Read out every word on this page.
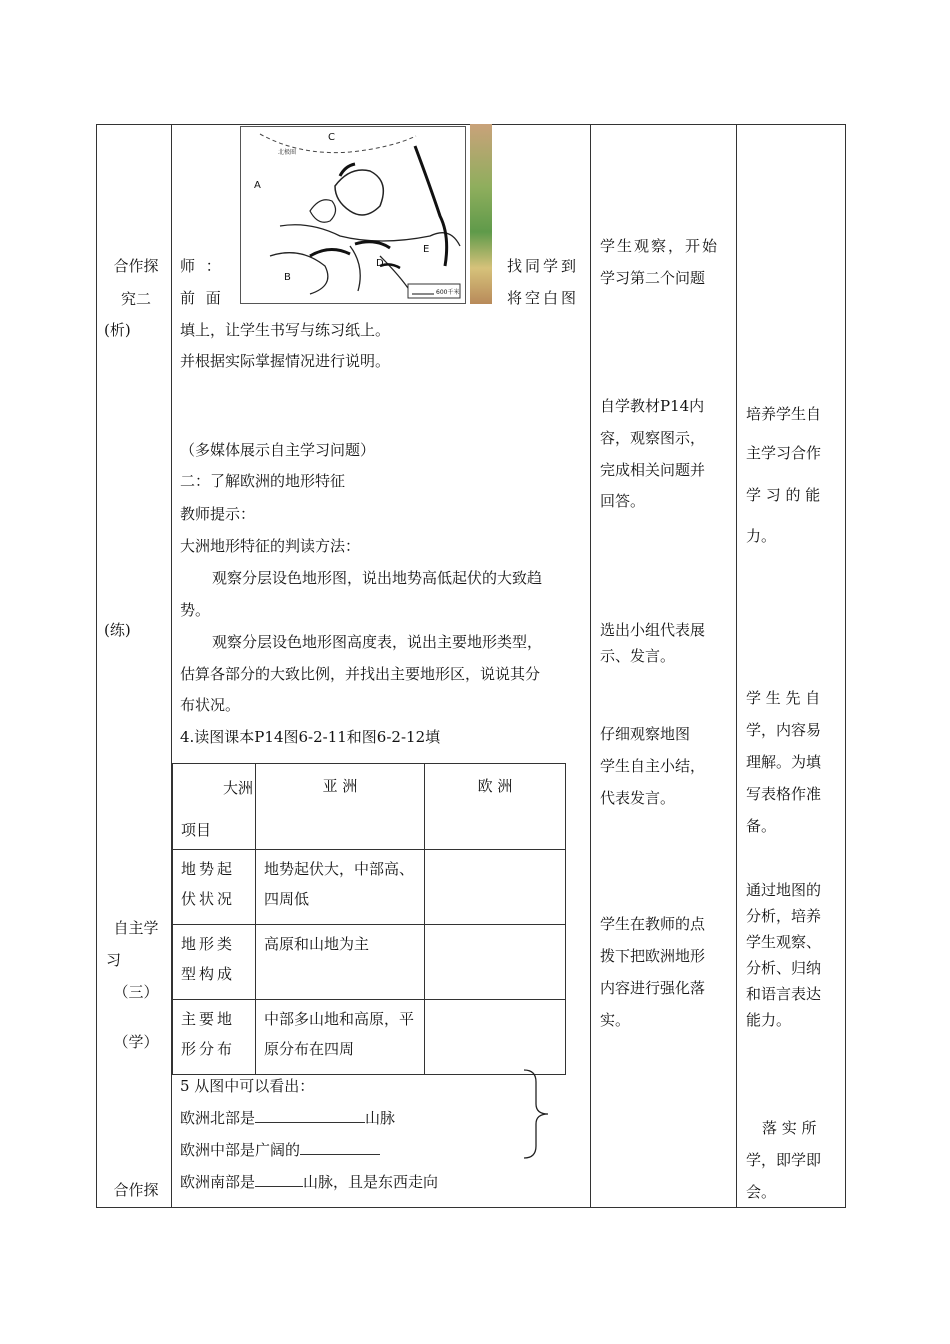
合作探
究二
(析)
(练)
自主学
习
（三）
（学）
合作探
A
B
C
D
E
北极圈
600千米
师 ：
前 面
找同学到
将空白图
填上，让学生书写与练习纸上。
并根据实际掌握情况进行说明。
（多媒体展示自主学习问题）
二：了解欧洲的地形特征
教师提示：
大洲地形特征的判读方法：
观察分层设色地形图，说出地势高低起伏的大致趋
势。
观察分层设色地形图高度表，说出主要地形类型，
估算各部分的大致比例，并找出主要地形区，说说其分
布状况。
4.读图课本P14图6-2-11和图6-2-12填
大洲
项目	亚 洲	欧 洲
地势起伏状况	地势起伏大，中部高、四周低	
地形类型构成	高原和山地为主	
主要地形分布	中部多山地和高原，平原分布在四周	
5 从图中可以看出：
欧洲北部是	山脉
欧洲中部是广阔的
欧洲南部是	山脉，且是东西走向
学生观察，开始
学习第二个问题
自学教材P14内
容，观察图示，
完成相关问题并
回答。
选出小组代表展
示、发言。
仔细观察地图
学生自主小结，
代表发言。
学生在教师的点
拨下把欧洲地形
内容进行强化落
实。
培养学生自
主学习合作
学 习 的 能
力。
学 生 先 自
学，内容易
理解。为填
写表格作准
备。
通过地图的
分析，培养
学生观察、
分析、归纳
和语言表达
能力。
落 实 所
学，即学即
会。
